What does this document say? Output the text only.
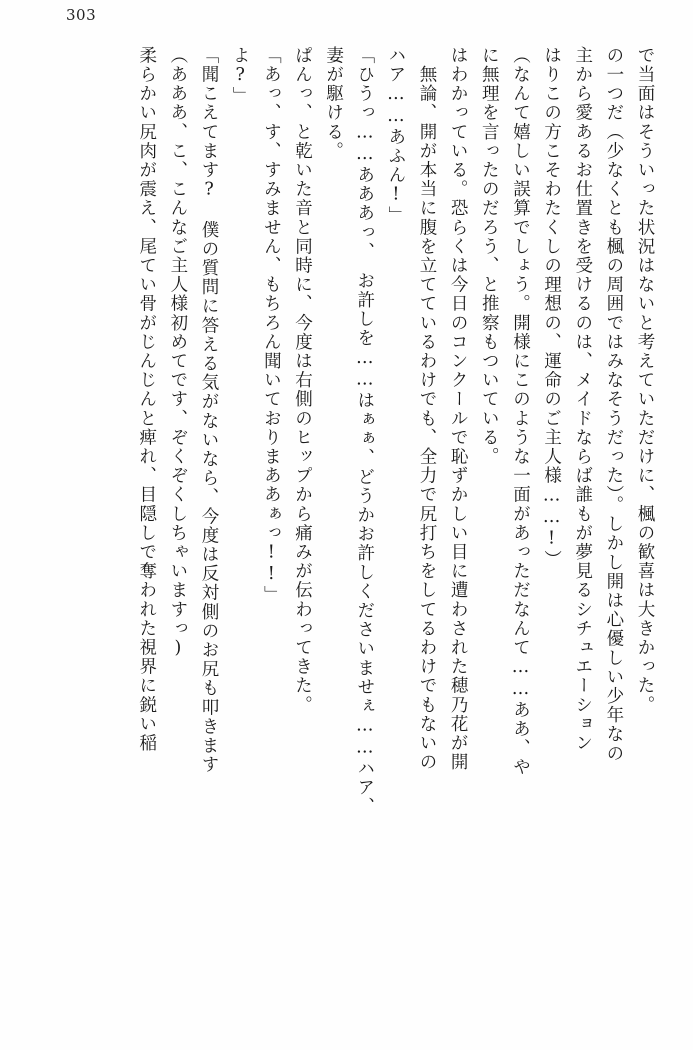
303

で当面はそういった状況はないと考えていただけに、楓の歓喜は大きかった。

の一つだ（少なくとも楓の周囲ではみなそうだった）。しかし開は心優しい少年なの

主から愛あるお仕置きを受けるのは、メイドならば誰もが夢見るシチュエーション

はりこの方こそわたくしの理想の、運命のご主人様……!）

（なんて嬉しい誤算でしょう。開様にこのような一面があっただなんて……ああ、や

に無理を言ったのだろう、と推察もついている。

はわかっている。恐らくは今日のコンクールで恥ずかしい目に遭わされた穂乃花が開

　無論、開が本当に腹を立てているわけでも、全力で尻打ちをしてるわけでもないの

ハア……あふん!」

「ひうっ……あああっ、　お許しを……はぁぁ、どうかお許しくださいませぇ……ハア、

妻が駆ける。

ぱんっ、と乾いた音と同時に、今度は右側のヒップから痛みが伝わってきた。

「あっ、す、すみません、もちろん聞いておりまああぁっ!!」

よ?」

「聞こえてます?　僕の質問に答える気がないなら、今度は反対側のお尻も叩きます

（あああ、こ、こんなご主人様初めてです、ぞくぞくしちゃいますっ)

柔らかい尻肉が震え、尾てい骨がじんじんと痺れ、目隠しで奪われた視界に鋭い稲
